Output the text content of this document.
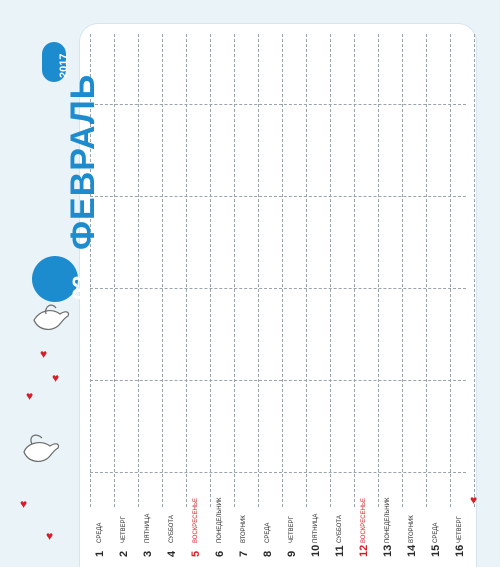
1
СРЕДА
2
ЧЕТВЕРГ
3
ПЯТНИЦА
4
СУББОТА
5
ВОСКРЕСЕНЬЕ
6
ПОНЕДЕЛЬНИК
7
ВТОРНИК
8
СРЕДА
9
ЧЕТВЕРГ
10
ПЯТНИЦА
11
СУББОТА
12
ВОСКРЕСЕНЬЕ
13
ПОНЕДЕЛЬНИК
14
ВТОРНИК
15
СРЕДА
16
ЧЕТВЕРГ
2017
ФЕВРАЛЬ
02.
♥
♥
♥
♥
♥
♥
